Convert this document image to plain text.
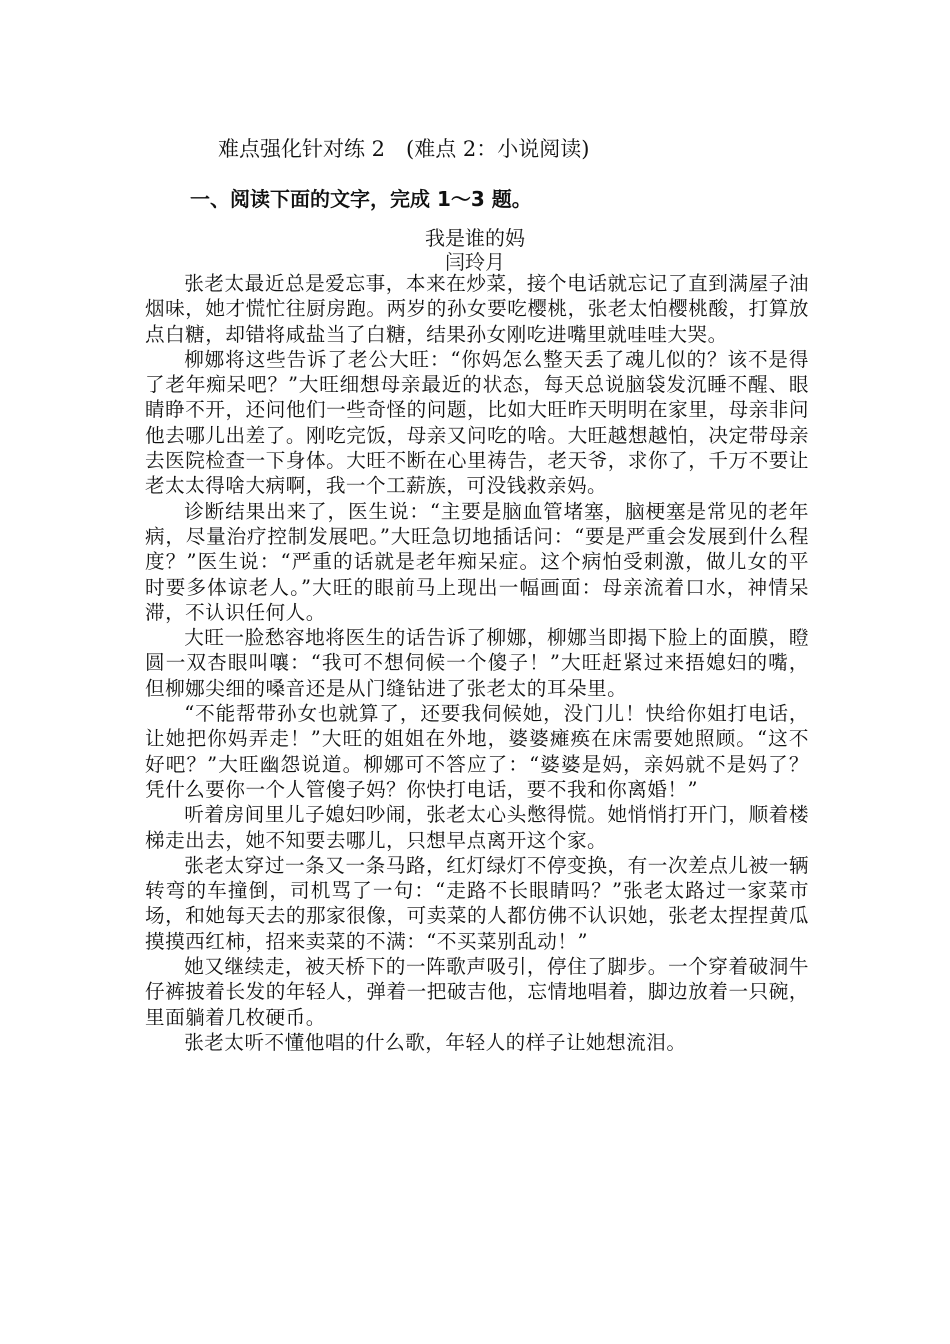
难点强化针对练 2　(难点 2：小说阅读)
一、阅读下面的文字，完成 1～3 题。
我是谁的妈
闫玲月

张老太最近总是爱忘事，本来在炒菜，接个电话就忘记了直到满屋子油烟味，她才慌忙往厨房跑。两岁的孙女要吃樱桃，张老太怕樱桃酸，打算放点白糖，却错将咸盐当了白糖，结果孙女刚吃进嘴里就哇哇大哭。

柳娜将这些告诉了老公大旺：“你妈怎么整天丢了魂儿似的？该不是得了老年痴呆吧？”大旺细想母亲最近的状态，每天总说脑袋发沉睡不醒、眼睛睁不开，还问他们一些奇怪的问题，比如大旺昨天明明在家里，母亲非问他去哪儿出差了。刚吃完饭，母亲又问吃的啥。大旺越想越怕，决定带母亲去医院检查一下身体。大旺不断在心里祷告，老天爷，求你了，千万不要让老太太得啥大病啊，我一个工薪族，可没钱救亲妈。

诊断结果出来了，医生说：“主要是脑血管堵塞，脑梗塞是常见的老年病，尽量治疗控制发展吧。”大旺急切地插话问：“要是严重会发展到什么程度？”医生说：“严重的话就是老年痴呆症。这个病怕受刺激，做儿女的平时要多体谅老人。”大旺的眼前马上现出一幅画面：母亲流着口水，神情呆滞，不认识任何人。

大旺一脸愁容地将医生的话告诉了柳娜，柳娜当即揭下脸上的面膜，瞪圆一双杏眼叫嚷：“我可不想伺候一个傻子！”大旺赶紧过来捂媳妇的嘴，但柳娜尖细的嗓音还是从门缝钻进了张老太的耳朵里。

“不能帮带孙女也就算了，还要我伺候她，没门儿！快给你姐打电话，让她把你妈弄走！”大旺的姐姐在外地，婆婆瘫痪在床需要她照顾。“这不好吧？”大旺幽怨说道。柳娜可不答应了：“婆婆是妈，亲妈就不是妈了？凭什么要你一个人管傻子妈？你快打电话，要不我和你离婚！”

听着房间里儿子媳妇吵闹，张老太心头憋得慌。她悄悄打开门，顺着楼梯走出去，她不知要去哪儿，只想早点离开这个家。

张老太穿过一条又一条马路，红灯绿灯不停变换，有一次差点儿被一辆转弯的车撞倒，司机骂了一句：“走路不长眼睛吗？”张老太路过一家菜市场，和她每天去的那家很像，可卖菜的人都仿佛不认识她，张老太捏捏黄瓜摸摸西红柿，招来卖菜的不满：“不买菜别乱动！”

她又继续走，被天桥下的一阵歌声吸引，停住了脚步。一个穿着破洞牛仔裤披着长发的年轻人，弹着一把破吉他，忘情地唱着，脚边放着一只碗，里面躺着几枚硬币。

张老太听不懂他唱的什么歌，年轻人的样子让她想流泪。
